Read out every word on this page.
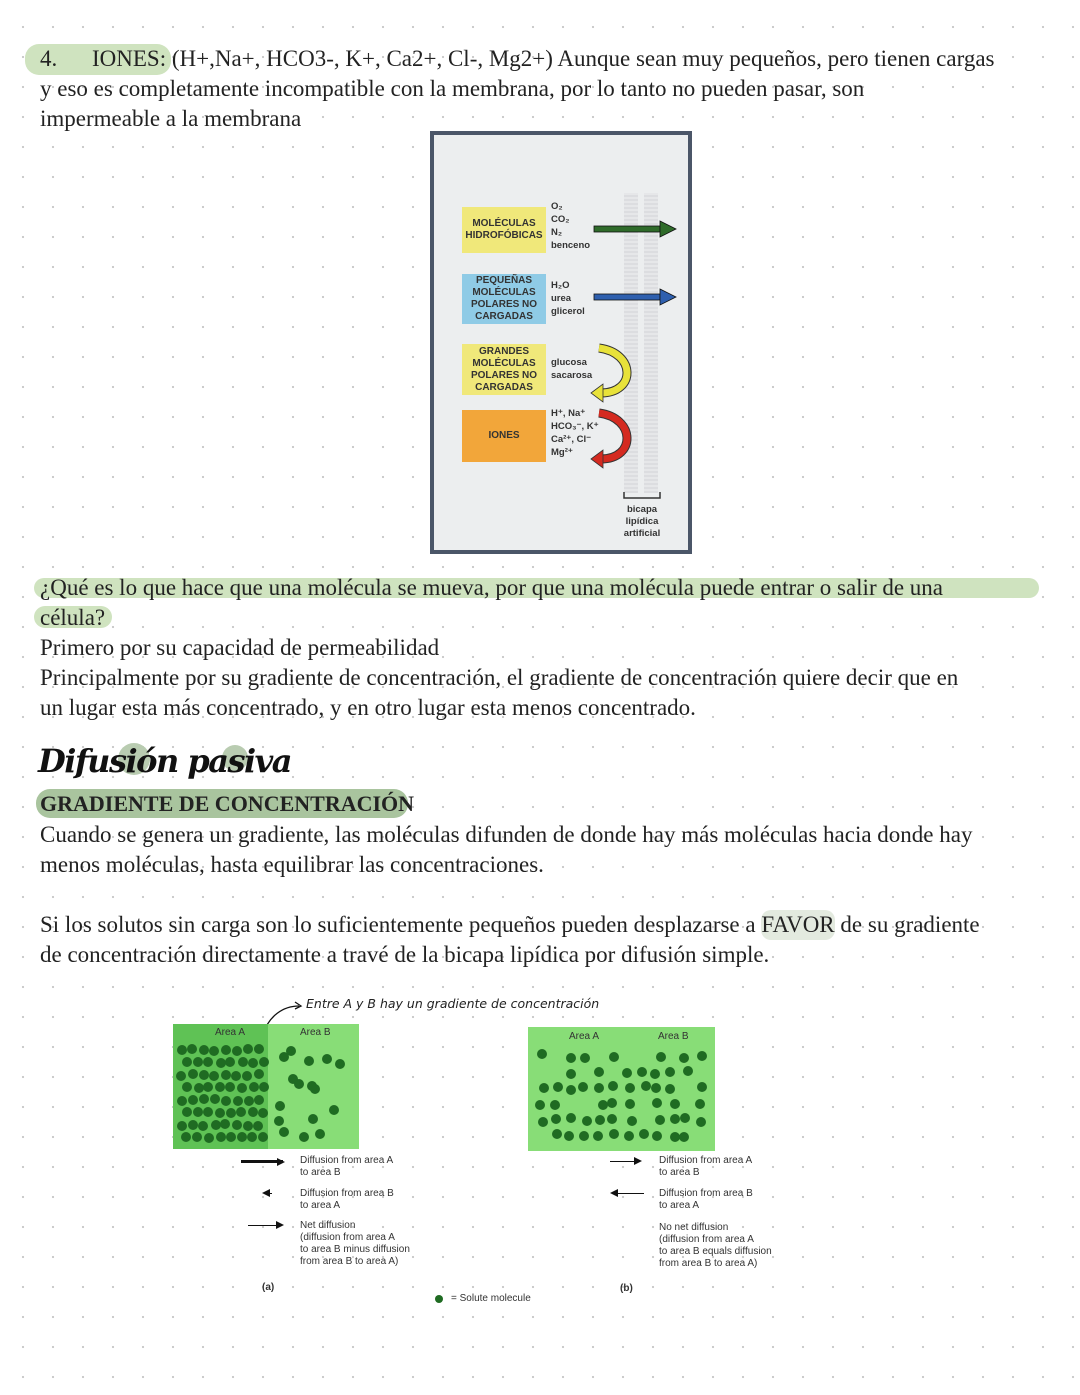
4. IONES: (H+,Na+, HCO3-, K+, Ca2+, Cl-, Mg2+) Aunque sean muy pequeños, pero tienen cargas
y eso es completamente incompatible con la membrana, por lo tanto no pueden pasar, son
impermeable a la membrana
MOLÉCULAS HIDROFÓBICAS
O₂
CO₂
N₂
benceno
PEQUEÑAS MOLÉCULAS POLARES NO CARGADAS
H₂O
urea
glicerol
GRANDES MOLÉCULAS POLARES NO CARGADAS
glucosa
sacarosa
IONES
H⁺, Na⁺
HCO₃⁻, K⁺
Ca²⁺, Cl⁻
Mg²⁺
bicapa
lipídica
artificial
¿Qué es lo que hace que una molécula se mueva, por que una molécula puede entrar o salir de una
célula?
Primero por su capacidad de permeabilidad
Principalmente por su gradiente de concentración, el gradiente de concentración quiere decir que en
un lugar esta más concentrado, y en otro lugar esta menos concentrado.
Difusión pasiva
GRADIENTE DE CONCENTRACIÓN
Cuando se genera un gradiente, las moléculas difunden de donde hay más moléculas hacia donde hay
menos moléculas, hasta equilibrar las concentraciones.
Si los solutos sin carga son lo suficientemente pequeños pueden desplazarse a FAVOR de su gradiente
de concentración directamente a travé de la bicapa lipídica por difusión simple.
Entre A y B hay un gradiente de concentración
Area A	Area B	Area A	Area B
Diffusion from area A
to area B
Diffusion from area B
to area A
Net diffusion
(diffusion from area A
to area B minus diffusion
from area B to area A)
(a)
Diffusion from area A
to area B
Diffusion from area B
to area A
No net diffusion
(diffusion from area A
to area B equals diffusion
from area B to area A)
(b)
= Solute molecule
